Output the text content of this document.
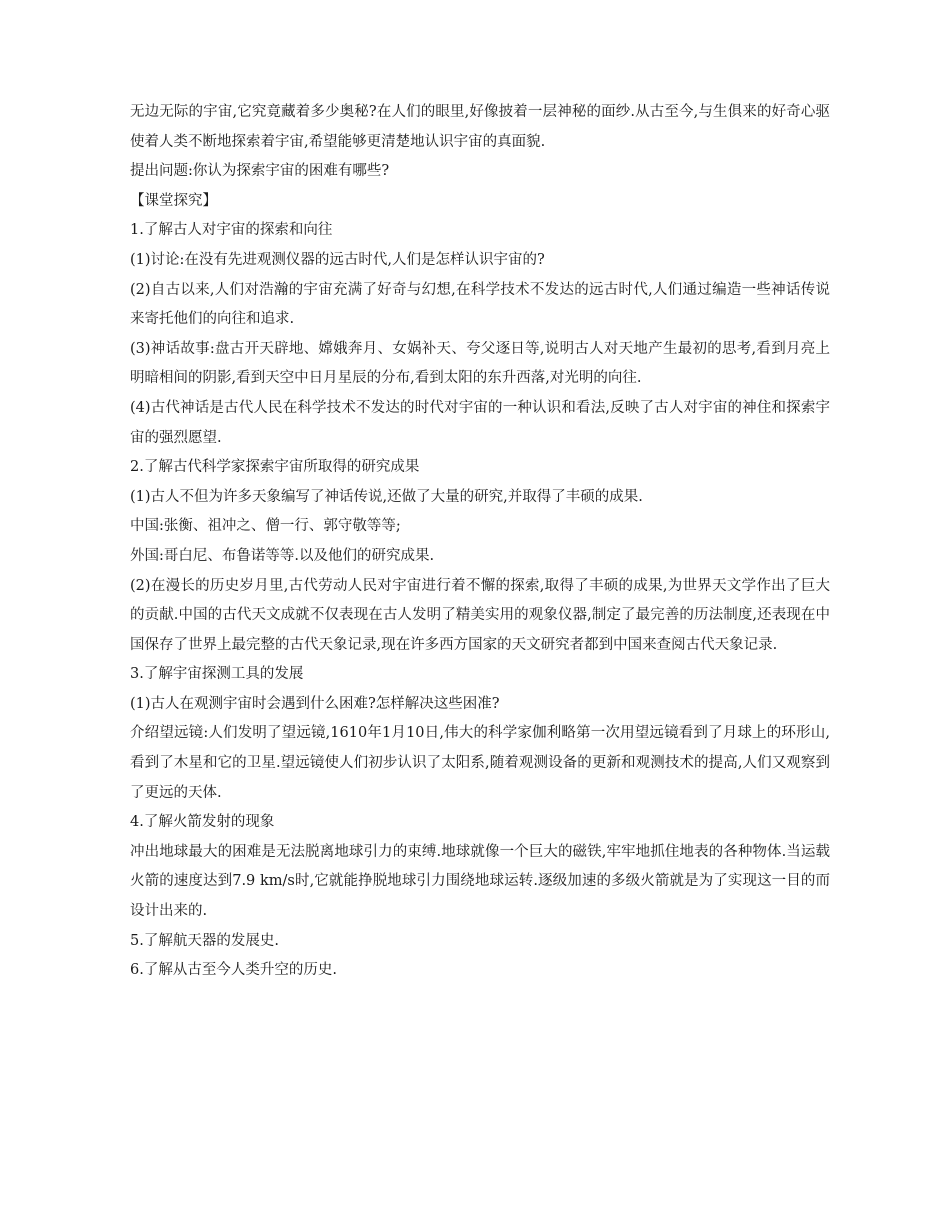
无边无际的宇宙,它究竟藏着多少奥秘?在人们的眼里,好像披着一层神秘的面纱.从古至今,与生俱来的好奇心驱使着人类不断地探索着宇宙,希望能够更清楚地认识宇宙的真面貌.

提出问题:你认为探索宇宙的困难有哪些?

【课堂探究】

1.了解古人对宇宙的探索和向往

(1)讨论:在没有先进观测仪器的远古时代,人们是怎样认识宇宙的?

(2)自古以来,人们对浩瀚的宇宙充满了好奇与幻想,在科学技术不发达的远古时代,人们通过编造一些神话传说来寄托他们的向往和追求.

(3)神话故事:盘古开天辟地、嫦娥奔月、女娲补天、夸父逐日等,说明古人对天地产生最初的思考,看到月亮上明暗相间的阴影,看到天空中日月星辰的分布,看到太阳的东升西落,对光明的向往.

(4)古代神话是古代人民在科学技术不发达的时代对宇宙的一种认识和看法,反映了古人对宇宙的神住和探索宇宙的强烈愿望.

2.了解古代科学家探索宇宙所取得的研究成果

(1)古人不但为许多天象编写了神话传说,还做了大量的研究,并取得了丰硕的成果.

中国:张衡、祖冲之、僧一行、郭守敬等等;

外国:哥白尼、布鲁诺等等.以及他们的研究成果.

(2)在漫长的历史岁月里,古代劳动人民对宇宙进行着不懈的探索,取得了丰硕的成果,为世界天文学作出了巨大的贡献.中国的古代天文成就不仅表现在古人发明了精美实用的观象仪器,制定了最完善的历法制度,还表现在中国保存了世界上最完整的古代天象记录,现在许多西方国家的天文研究者都到中国来查阅古代天象记录.

3.了解宇宙探测工具的发展

(1)古人在观测宇宙时会遇到什么困难?怎样解决这些困准?

介绍望远镜:人们发明了望远镜,1610年1月10日,伟大的科学家伽利略第一次用望远镜看到了月球上的环形山,看到了木星和它的卫星.望远镜使人们初步认识了太阳系,随着观测设备的更新和观测技术的提高,人们又观察到了更远的天体.

4.了解火箭发射的现象

冲出地球最大的困难是无法脱离地球引力的束缚.地球就像一个巨大的磁铁,牢牢地抓住地表的各种物体.当运载火箭的速度达到7.9 km/s时,它就能挣脱地球引力围绕地球运转.逐级加速的多级火箭就是为了实现这一目的而设计出来的.

5.了解航天器的发展史.

6.了解从古至今人类升空的历史.
